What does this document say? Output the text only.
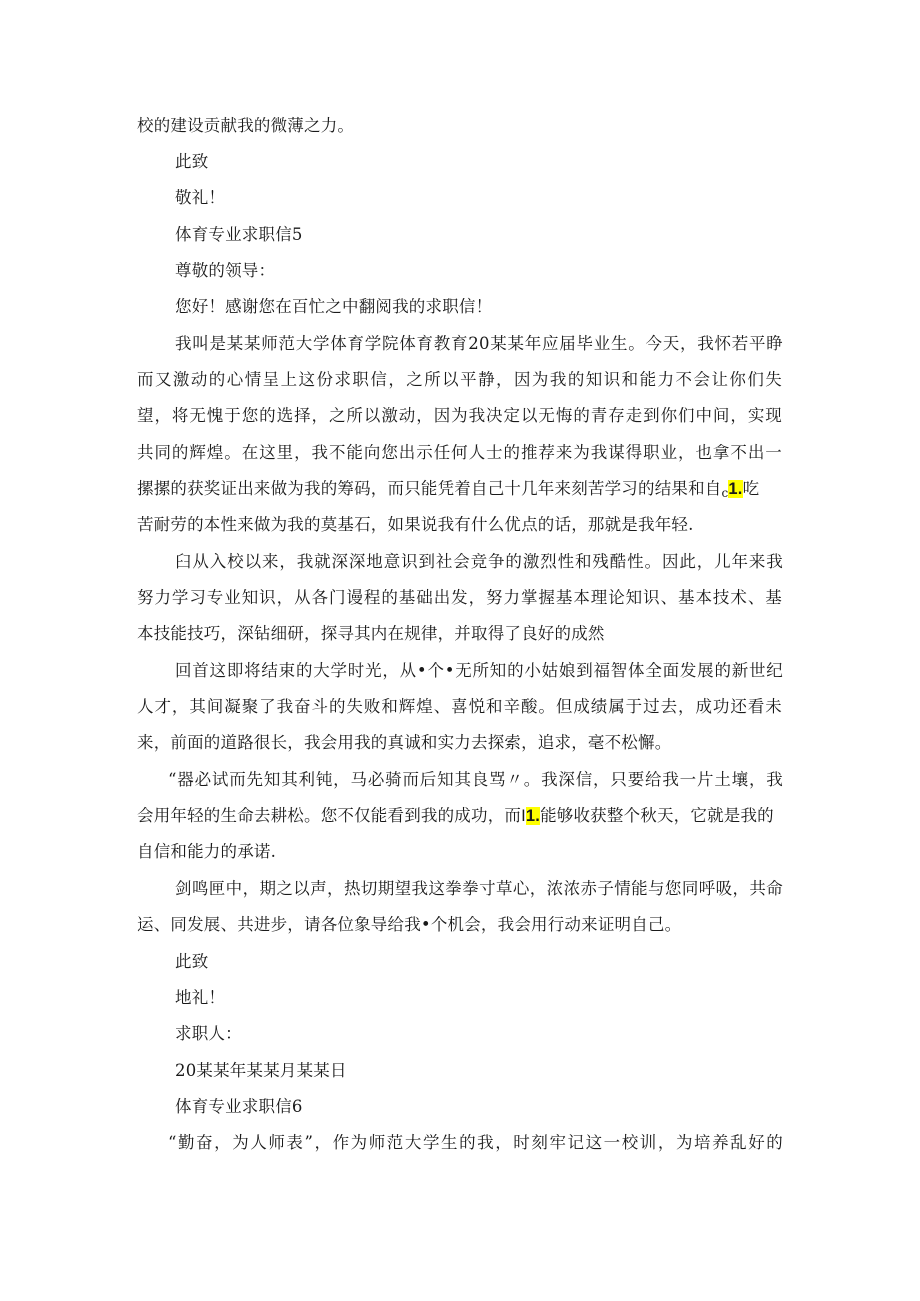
校的建设贡献我的微薄之力。
此致
敬礼！
体育专业求职信5
尊敬的领导：
您好！感谢您在百忙之中翻阅我的求职信！
我叫是某某师范大学体育学院体育教育20某某年应届毕业生。今天，我怀若平睁
而又激动的心情呈上这份求职信，之所以平静，因为我的知识和能力不会让你们失
望，将无愧于您的选择，之所以激动，因为我决定以无悔的青存走到你们中间，实现
共同的辉煌。在这里，我不能向您出示任何人士的推荐来为我谋得职业，也拿不出一
摞摞的获奖证出来做为我的筹码，而只能凭着自己十几年来刻苦学习的结果和自c1.吃
苦耐劳的本性来做为我的莫基石，如果说我有什么优点的话，那就是我年轻.
臼从入校以来，我就深深地意识到社会竞争的激烈性和残酷性。因此，儿年来我
努力学习专业知识，从各门谩程的基础出发，努力掌握基本理论知识、基本技术、基
本技能技巧，深钻细研，探寻其内在规律，并取得了良好的成然
回首这即将结束的大学时光，从•个•无所知的小姑娘到福智体全面发展的新世纪
人才，其间凝聚了我奋斗的失败和辉煌、喜悦和辛酸。但成绩属于过去，成功还看未
来，前面的道路很长，我会用我的真诚和实力去探索，追求，毫不松懈。
“器必试而先知其利钝，马必骑而后知其良骂〃。我深信，只要给我一片土壤，我
会用年轻的生命去耕松。您不仅能看到我的成功，而I1.能够收获整个秋天，它就是我的
自信和能力的承诺.
剑鸣匣中，期之以声，热切期望我这拳拳寸草心，浓浓赤子情能与您同呼吸，共命
运、同发展、共进步，请各位象导给我•个机会，我会用行动来证明自己。
此致
地礼！
求职人：
20某某年某某月某某日
体育专业求职信6
“勤奋，为人师表”，作为师范大学生的我，时刻牢记这一校训，为培养乱好的
